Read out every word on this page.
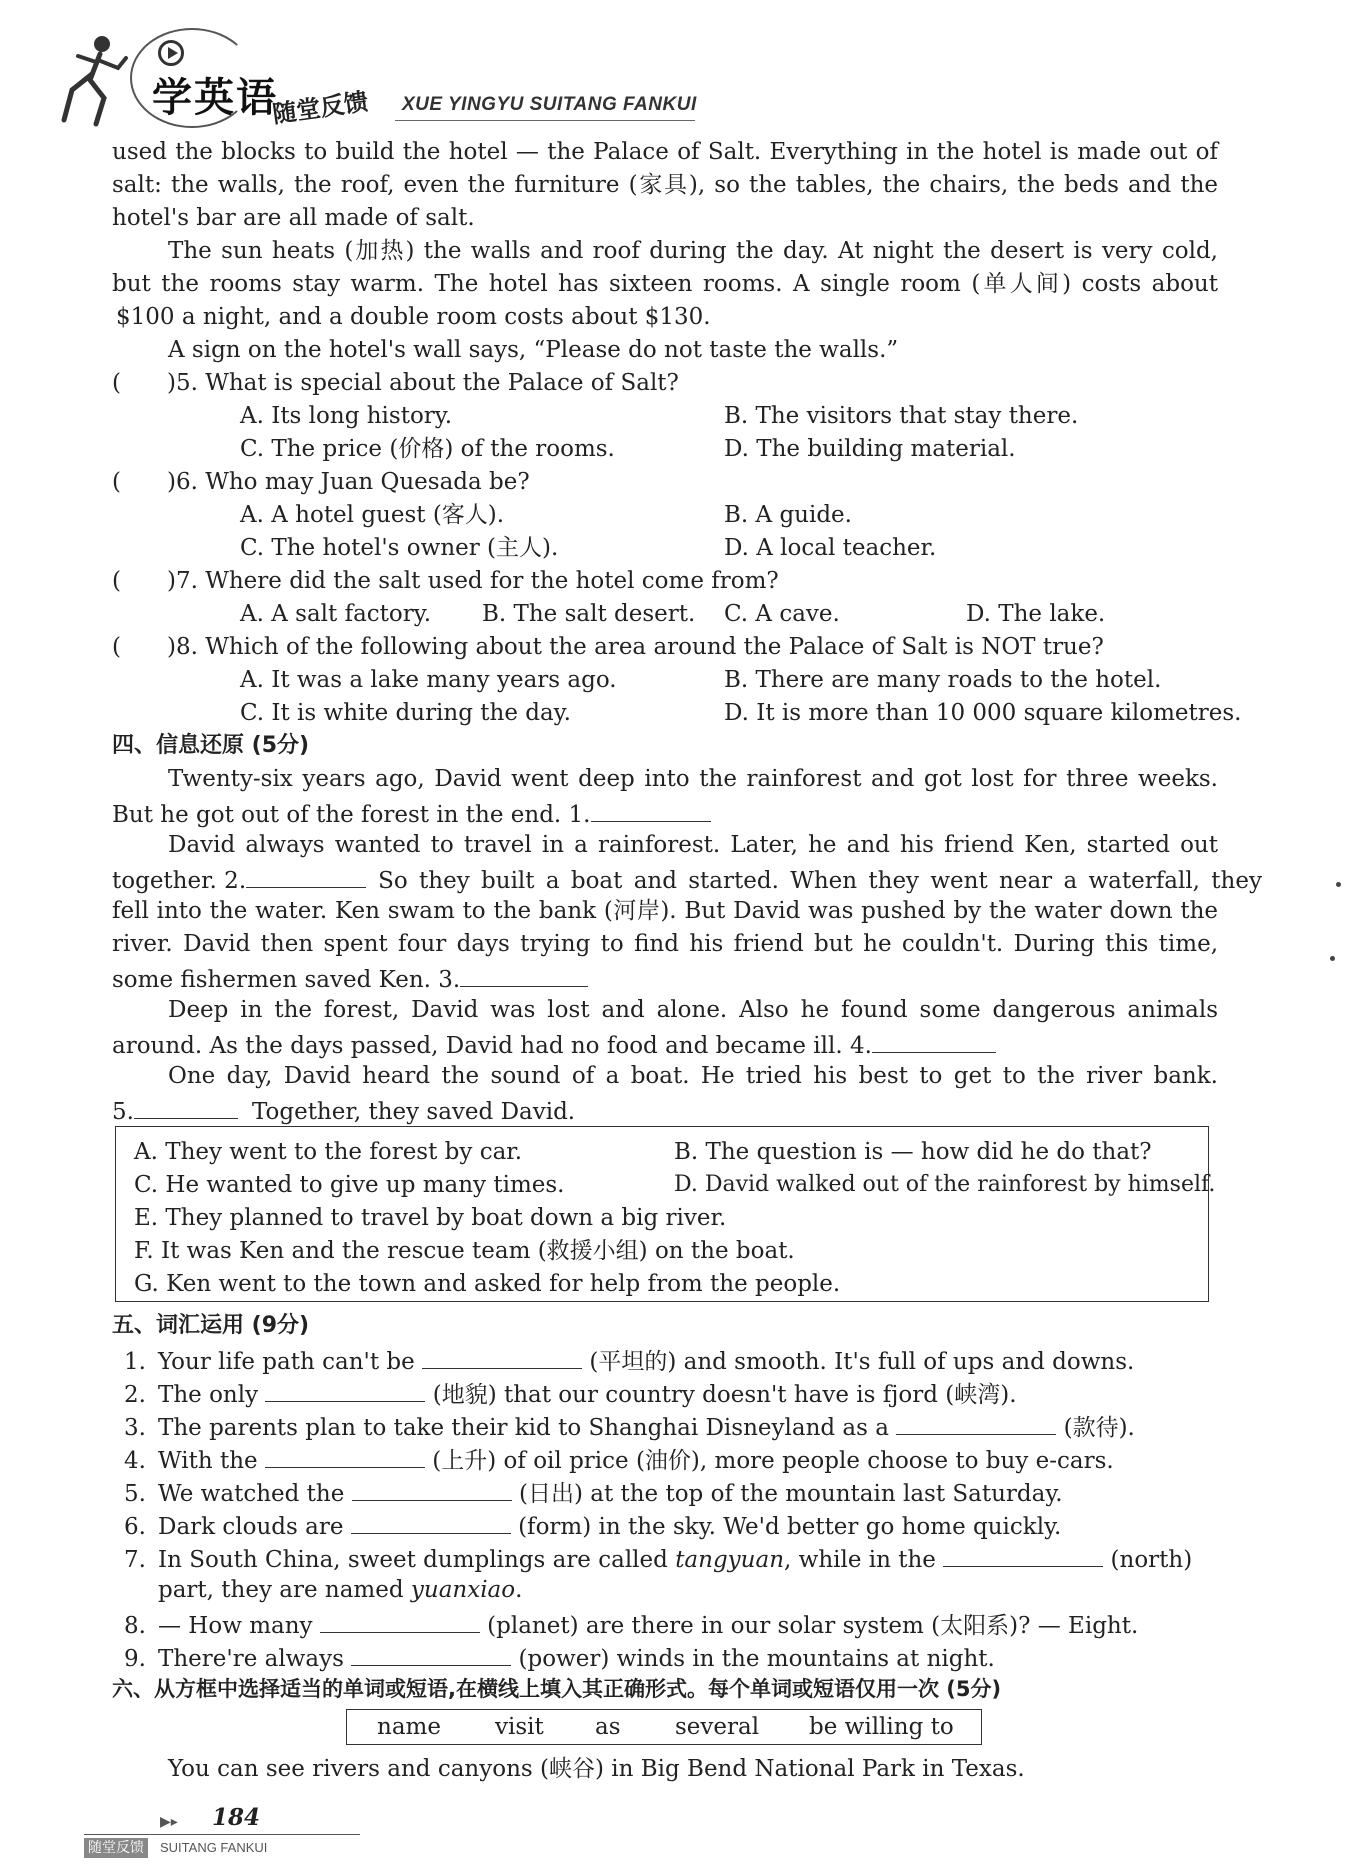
学英语
随堂反馈 XUE YINGYU SUITANG FANKUI
used the blocks to build the hotel — the Palace of Salt. Everything in the hotel is made out of
salt: the walls, the roof, even the furniture (家具), so the tables, the chairs, the beds and the
hotel's bar are all made of salt.
The sun heats (加热) the walls and roof during the day. At night the desert is very cold,
but the rooms stay warm. The hotel has sixteen rooms. A single room (单人间) costs about
$100 a night, and a double room costs about $130.
A sign on the hotel's wall says, “Please do not taste the walls.”
(　　)5. What is special about the Palace of Salt?
A. Its long history.	B. The visitors that stay there.
C. The price (价格) of the rooms.	D. The building material.
(　　)6. Who may Juan Quesada be?
A. A hotel guest (客人).	B. A guide.
C. The hotel's owner (主人).	D. A local teacher.
(　　)7. Where did the salt used for the hotel come from?
A. A salt factory. B. The salt desert. C. A cave.	D. The lake.
(　　)8. Which of the following about the area around the Palace of Salt is NOT true?
A. It was a lake many years ago.	B. There are many roads to the hotel.
C. It is white during the day.	D. It is more than 10 000 square kilometres.
四、信息还原 (5分)
Twenty-six years ago, David went deep into the rainforest and got lost for three weeks.
But he got out of the forest in the end. 1.
David always wanted to travel in a rainforest. Later, he and his friend Ken, started out
together. 2.	So they built a boat and started. When they went near a waterfall, they
fell into the water. Ken swam to the bank (河岸). But David was pushed by the water down the
river. David then spent four days trying to find his friend but he couldn't. During this time,
some fishermen saved Ken. 3.
Deep in the forest, David was lost and alone. Also he found some dangerous animals
around. As the days passed, David had no food and became ill. 4.
One day, David heard the sound of a boat. He tried his best to get to the river bank.
5.	Together, they saved David.
A. They went to the forest by car.	B. The question is — how did he do that?
C. He wanted to give up many times.	D. David walked out of the rainforest by himself.
E. They planned to travel by boat down a big river.
F. It was Ken and the rescue team (救援小组) on the boat.
G. Ken went to the town and asked for help from the people.
五、词汇运用 (9分)
1. Your life path can't be	(平坦的) and smooth. It's full of ups and downs.
2. The only	(地貌) that our country doesn't have is fjord (峡湾).
3. The parents plan to take their kid to Shanghai Disneyland as a	(款待).
4. With the	(上升) of oil price (油价), more people choose to buy e-cars.
5. We watched the	(日出) at the top of the mountain last Saturday.
6. Dark clouds are	(form) in the sky. We'd better go home quickly.
7. In South China, sweet dumplings are called tangyuan, while in the	(north)
part, they are named yuanxiao.
8. — How many	(planet) are there in our solar system (太阳系)? — Eight.
9. There're always	(power) winds in the mountains at night.
六、从方框中选择适当的单词或短语,在横线上填入其正确形式。每个单词或短语仅用一次 (5分)
name visit as several be willing to
You can see rivers and canyons (峡谷) in Big Bend National Park in Texas.
▶▸ 184
随堂反馈	SUITANG FANKUI
